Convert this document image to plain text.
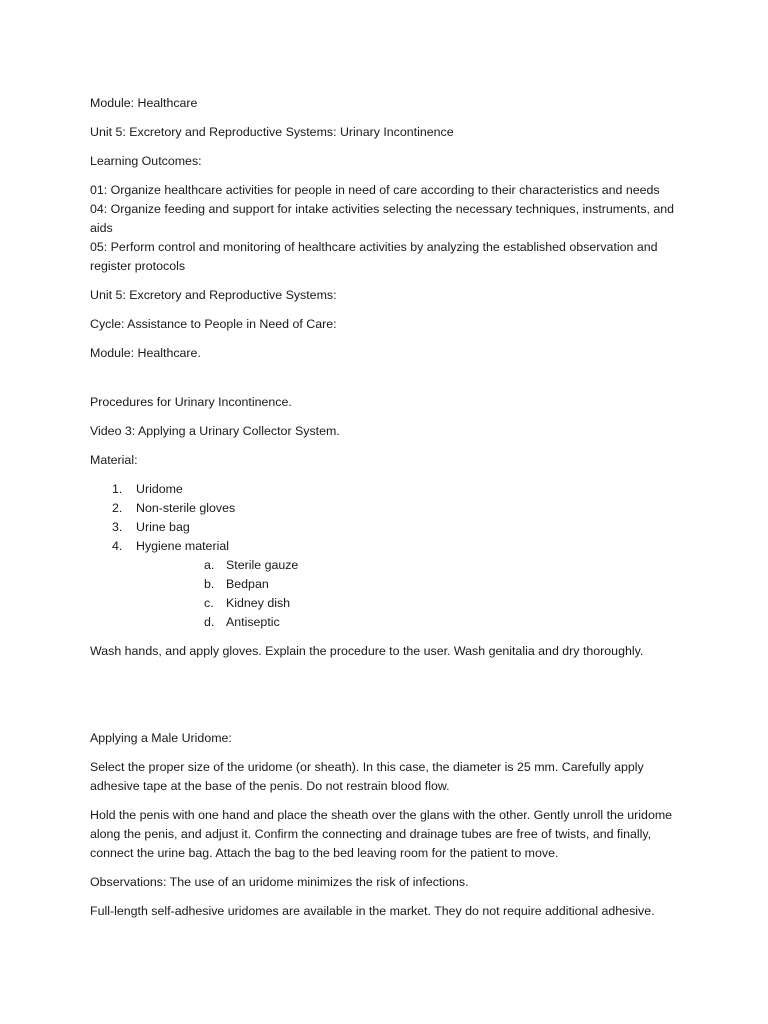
Module: Healthcare

Unit 5: Excretory and Reproductive Systems: Urinary Incontinence

Learning Outcomes:

01: Organize healthcare activities for people in need of care according to their characteristics and needs

04: Organize feeding and support for intake activities selecting the necessary techniques, instruments, and aids

05: Perform control and monitoring of healthcare activities by analyzing the established observation and register protocols

Unit 5: Excretory and Reproductive Systems:

Cycle: Assistance to People in Need of Care:

Module: Healthcare.

Procedures for Urinary Incontinence.

Video 3: Applying a Urinary Collector System.

Material:

1. Uridome
2. Non-sterile gloves
3. Urine bag
4. Hygiene material
a. Sterile gauze
b. Bedpan
c. Kidney dish
d. Antiseptic

Wash hands, and apply gloves. Explain the procedure to the user. Wash genitalia and dry thoroughly.

Applying a Male Uridome:

Select the proper size of the uridome (or sheath). In this case, the diameter is 25 mm. Carefully apply adhesive tape at the base of the penis. Do not restrain blood flow.

Hold the penis with one hand and place the sheath over the glans with the other. Gently unroll the uridome along the penis, and adjust it. Confirm the connecting and drainage tubes are free of twists, and finally, connect the urine bag. Attach the bag to the bed leaving room for the patient to move.

Observations: The use of an uridome minimizes the risk of infections.

Full-length self-adhesive uridomes are available in the market. They do not require additional adhesive.
